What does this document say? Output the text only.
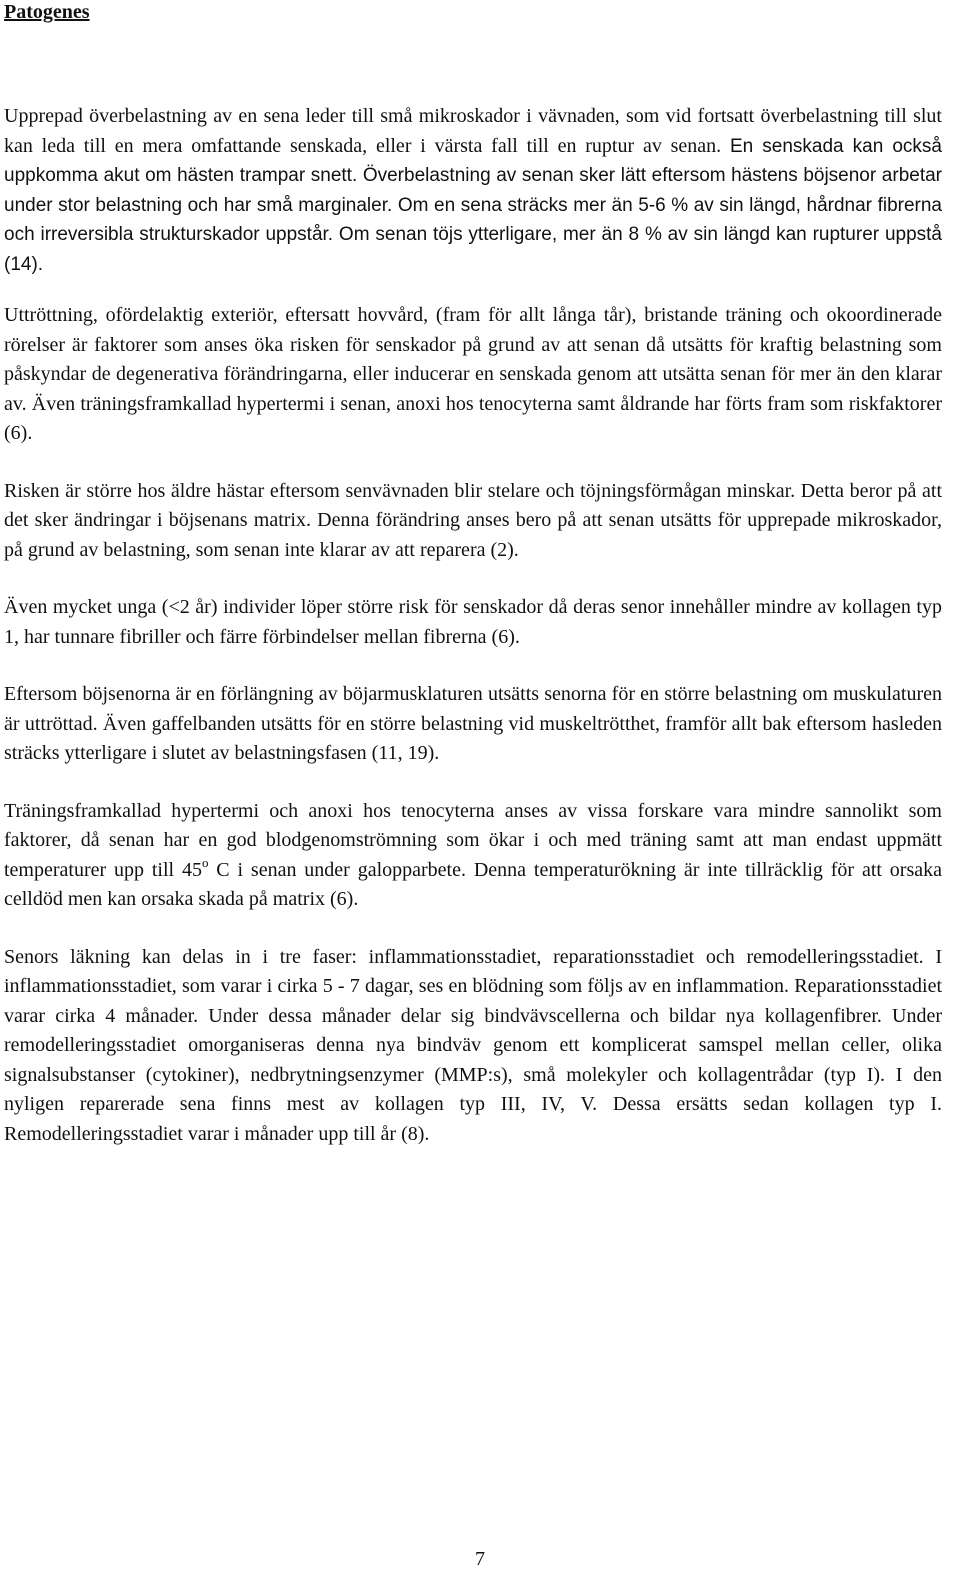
Patogenes

Upprepad överbelastning av en sena leder till små mikroskador i vävnaden, som vid fortsatt överbelastning till slut kan leda till en mera omfattande senskada, eller i värsta fall till en ruptur av senan. En senskada kan också uppkomma akut om hästen trampar snett. Överbelastning av senan sker lätt eftersom hästens böjsenor arbetar under stor belastning och har små marginaler. Om en sena sträcks mer än 5-6 % av sin längd, hårdnar fibrerna och irreversibla strukturskador uppstår. Om senan töjs ytterligare, mer än 8 % av sin längd kan rupturer uppstå (14).

Uttröttning, ofördelaktig exteriör, eftersatt hovvård, (fram för allt långa tår), bristande träning och okoordinerade rörelser är faktorer som anses öka risken för senskador på grund av att senan då utsätts för kraftig belastning som påskyndar de degenerativa förändringarna, eller inducerar en senskada genom att utsätta senan för mer än den klarar av. Även träningsframkallad hypertermi i senan, anoxi hos tenocyterna samt åldrande har förts fram som riskfaktorer (6).

Risken är större hos äldre hästar eftersom senvävnaden blir stelare och töjningsförmågan minskar. Detta beror på att det sker ändringar i böjsenans matrix. Denna förändring anses bero på att senan utsätts för upprepade mikroskador, på grund av belastning, som senan inte klarar av att reparera (2).

Även mycket unga (<2 år) individer löper större risk för senskador då deras senor innehåller mindre av kollagen typ 1, har tunnare fibriller och färre förbindelser mellan fibrerna (6).

Eftersom böjsenorna är en förlängning av böjarmusklaturen utsätts senorna för en större belastning om muskulaturen är uttröttad. Även gaffelbanden utsätts för en större belastning vid muskeltrötthet, framför allt bak eftersom hasleden sträcks ytterligare i slutet av belastningsfasen (11, 19).

Träningsframkallad hypertermi och anoxi hos tenocyterna anses av vissa forskare vara mindre sannolikt som faktorer, då senan har en god blodgenomströmning som ökar i och med träning samt att man endast uppmätt temperaturer upp till 45$^o$ C i senan under galopparbete. Denna temperaturökning är inte tillräcklig för att orsaka celldöd men kan orsaka skada på matrix (6).

Senors läkning kan delas in i tre faser: inflammationsstadiet, reparationsstadiet och remodelleringsstadiet. I inflammationsstadiet, som varar i cirka 5 - 7 dagar, ses en blödning som följs av en inflammation. Reparationsstadiet varar cirka 4 månader. Under dessa månader delar sig bindvävscellerna och bildar nya kollagenfibrer. Under remodelleringsstadiet omorganiseras denna nya bindväv genom ett komplicerat samspel mellan celler, olika signalsubstanser (cytokiner), nedbrytningsenzymer (MMP:s), små molekyler och kollagentrådar (typ I). I den nyligen reparerade sena finns mest av kollagen typ III, IV, V. Dessa ersätts sedan kollagen typ I. Remodelleringsstadiet varar i månader upp till år (8).

7
